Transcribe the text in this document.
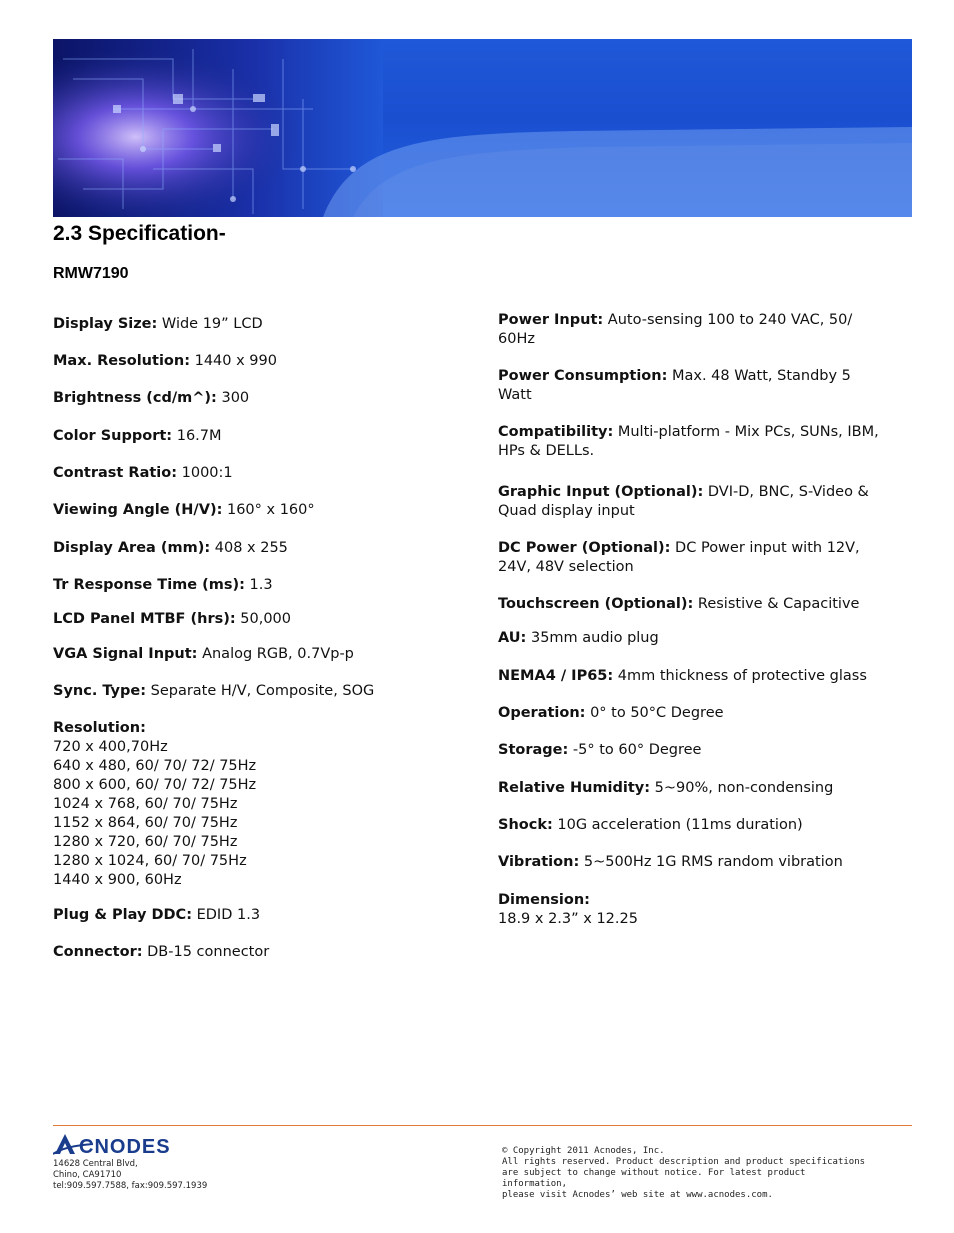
2.3 Specification-
RMW7190
Display Size: Wide 19” LCD
Max. Resolution: 1440 x 990
Brightness (cd/m^): 300
Color Support: 16.7M
Contrast Ratio: 1000:1
Viewing Angle (H/V): 160° x 160°
Display Area (mm): 408 x 255
Tr Response Time (ms): 1.3
LCD Panel MTBF (hrs): 50,000
VGA Signal Input: Analog RGB, 0.7Vp-p
Sync. Type: Separate H/V, Composite, SOG
Resolution:
720 x 400,70Hz
640 x 480, 60/ 70/ 72/ 75Hz
800 x 600, 60/ 70/ 72/ 75Hz
1024 x 768, 60/ 70/ 75Hz
1152 x 864, 60/ 70/ 75Hz
1280 x 720, 60/ 70/ 75Hz
1280 x 1024, 60/ 70/ 75Hz
1440 x 900, 60Hz
Plug & Play DDC: EDID 1.3
Connector: DB-15 connector
Power Input: Auto-sensing 100 to 240 VAC, 50/ 60Hz
Power Consumption: Max. 48 Watt, Standby 5 Watt
Compatibility: Multi-platform - Mix PCs, SUNs, IBM, HPs & DELLs.
Graphic Input (Optional): DVI-D, BNC, S-Video & Quad display input
DC Power (Optional): DC Power input with 12V, 24V, 48V selection
Touchscreen (Optional): Resistive & Capacitive
AU: 35mm audio plug
NEMA4 / IP65: 4mm thickness of protective glass
Operation: 0° to 50°C Degree
Storage: -5° to 60° Degree
Relative Humidity: 5~90%, non-condensing
Shock: 10G acceleration (11ms duration)
Vibration: 5~500Hz 1G RMS random vibration
Dimension:
18.9 x 2.3” x 12.25
CNODES
14628 Central Blvd,
Chino, CA91710
tel:909.597.7588, fax:909.597.1939
© Copyright 2011 Acnodes, Inc.
All rights reserved. Product description and product specifications
are subject to change without notice. For latest product information,
please visit Acnodes’ web site at www.acnodes.com.
